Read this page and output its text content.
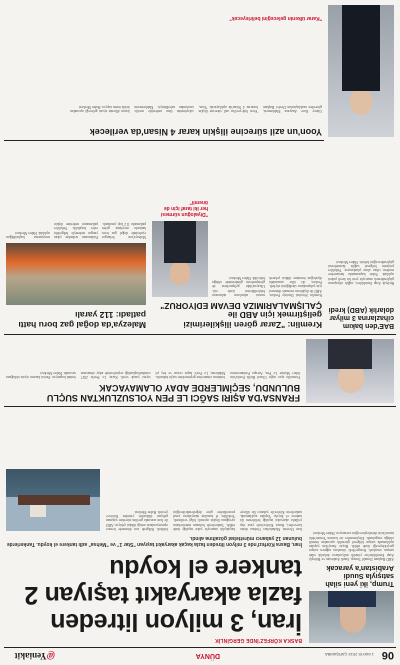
06
1 MAYIS 2019 ÇARŞAMBA
DÜNYA
@Yeniakit
Trump, iki yeni silah satışıyla Suudi Arabistan'a yaracak
ABD Başkanı Donald Trump, Suudi Arabistan ve Birleşik Arap Emirlikleri'ne yönelik milyarlarca dolarlık silah satışını onayladı. Kongre'deki itirazlara rağmen satışın gerçekleşeceği ifade edildi. Beyaz Saray'dan yapılan açıklamada satışın bölgesel güvenlik açısından önemli olduğu vurgulandı. Eleştirmenler ise kararın Yemen'deki insani krizi derinleştireceğini savunuyor. Haber Merkezi
BASKA KÖRFEZ'İNDE GERGİNLİK
İran, 3 milyon litreden fazla akaryakıt taşıyan 2 tankere el koydu
İran, Basra Körfezi'nde 3 milyon litreden fazla kaçak akaryakıt taşıyan "Star 1" ve "Mehsa" adlı tankere el koydu. Tankerlerde bulunan 12 yabancı mürettebat gözaltına alındı.
İran Devrim Muhafızları Ordusu deniz kuvvetleri, Basra Körfezi'nde yasa dışı yollarla akaryakıt taşıdığı belirlenen iki tankere el koydu. Yapılan açıklamada, tankerlerin Körfez'de yabancı bir ülkeye kaçakçılık amacıyla yakıt taşıdığı ifade edildi. Tankerlerde bulunan mürettebatın uyruğuna ilişkin ayrıntılı bilgi verilmedi. Yetkililer, el konulan akaryakıtın yasal prosedürlere göre değerlendirileceğini bildirdi. Bölgede son dönemde benzer operasyonların arttığı dikkat çekiyor. ABD ile İran arasında gerilim sürerken yaşanan gelişme dikkatleri yeniden Körfez'e çevirdi. Haber Merkezi
FRANSA'DA AŞIRI SAĞCI LE PEN YOLSUZLUKTAN SUÇLU BULUNDU, SEÇİMLERDE ADAY OLAMAYACAK
Fransa'da aşırı sağcı Ulusal Birlik Partisi'nin lideri Marine Le Pen, Avrupa Parlamentosu fonlarını zimmetine geçirmekten suçlu bulundu. Mahkeme, Le Pen'e hapis cezası ve beş yıl siyasi yasak verdi. Karar, Le Pen'in 2027 cumhurbaşkanlığı seçimlerinde aday olmasının önünü kapatıyor. Partisi kararın siyasi olduğunu savundu. Haber Merkezi
BAE'den bakım cihazlarına 3 milyar dolarlık (ABD) kredi
Birleşik Arap Emirlikleri, sağlık altyapısını güçlendirmek amacıyla yeni bir kredi paketi açıkladı. Paket kapsamında hastanelere modern cihaz alımı planlanıyor. Yetkililer projenin bölgesel sağlık hizmetlerini güçlendireceğini belirtti. Haber Merkezi
Kremlin: "Zarar gören ilişkilerimizi geliştirmek için ABD ile ÇALIŞMALARIMIZA DEVAM EDİYORUZ"
Kremlin Sözcüsü Dmitriy Peskov, ABD ile ilişkilerin normale dönmesi için çalışmaların sürdüğünü söyledi. Peskov, iki ülke arasındaki diyaloğun önemine dikkat çekerek somut adımların atılmasını beklediklerini ifade etti. Ukrayna'daki gelişmelerin de görüşmelerin gündeminde olduğu belirtildi. Haber Merkezi
"Diyaloğun sürmesi her iki taraf için de önemli"
Malezya'da doğal gaz boru hattı patladı: 112 yaralı
Malezya'nın Selangor eyaletinde doğal gaz boru hattında meydana gelen patlamada 112 kişi yaralandı. Patlamanın ardından çıkan yangın nedeniyle bölgedeki evler boşaltıldı. Yetkililer patlamanın nedenine ilişkin soruşturma başlatıldığını açıkladı. Haber Merkezi
Yoon'un azil sürecine ilişkin karar 4 Nisan'da verilecek
Güney Kore Anayasa Mahkemesi, görevden uzaklaştırılan Devlet Başkanı Yoon Suk-yeol'un azil sürecine ilişkin kararını 4 Nisan'da açıklayacak. Yoon, sıkıyönetim ilanı nedeniyle meclis tarafından azledilmişti. Mahkemenin kararı ülkenin siyasi geleceği açısından kritik önem taşıyor. Haber Merkezi
"Karar ülkenin geleceğini belirleyecek"
